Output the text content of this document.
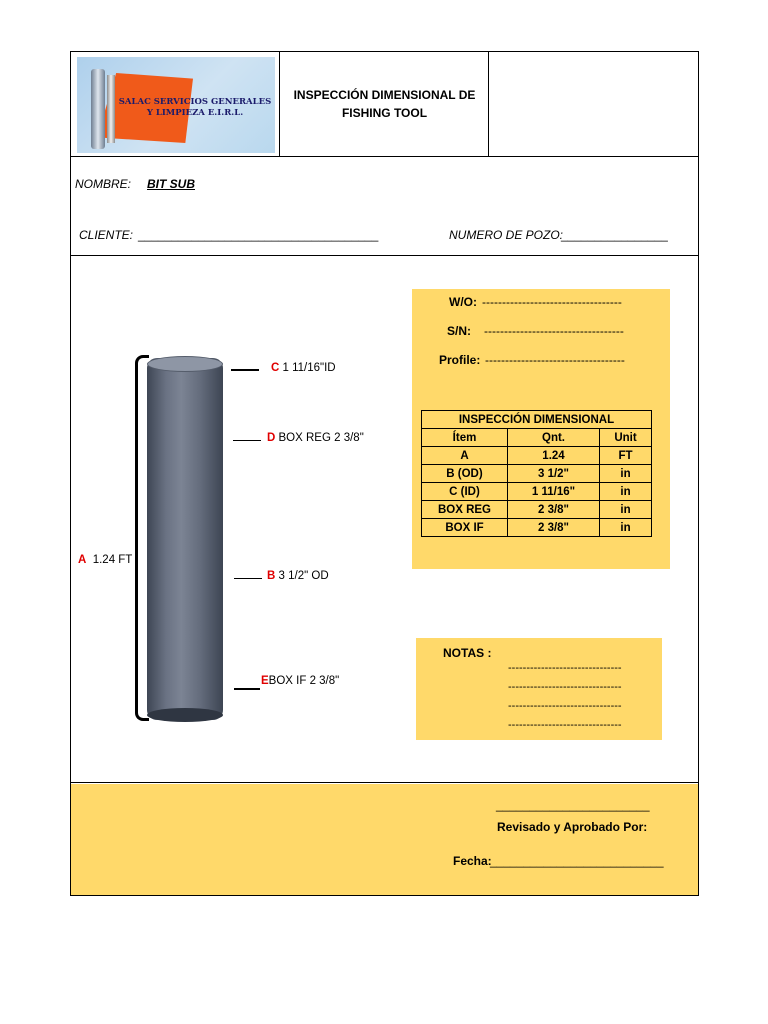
SALAC SERVICIOS GENERALES Y LIMPIEZA E.I.R.L.
INSPECCIÓN DIMENSIONAL DE FISHING TOOL
NOMBRE: BIT SUB
CLIENTE: ____________________________________	NUMERO DE POZO:
________________
C 1 11/16"ID
D BOX REG 2 3/8"
A 1.24 FT
B 3 1/2" OD
EBOX IF 2 3/8"
W/O: -----------------------------------
S/N: -----------------------------------
Profile: -----------------------------------
INSPECCIÓN DIMENSIONAL		
Ítem	Qnt.	Unit
A	1.24	FT
B (OD)	3 1/2"	in
C (ID)	1 11/16"	in
BOX REG	2 3/8"	in
BOX IF	2 3/8"	in
NOTAS :
-------------------------------
-------------------------------
-------------------------------
-------------------------------
_______________________
Revisado y Aprobado Por:
Fecha:
__________________________
